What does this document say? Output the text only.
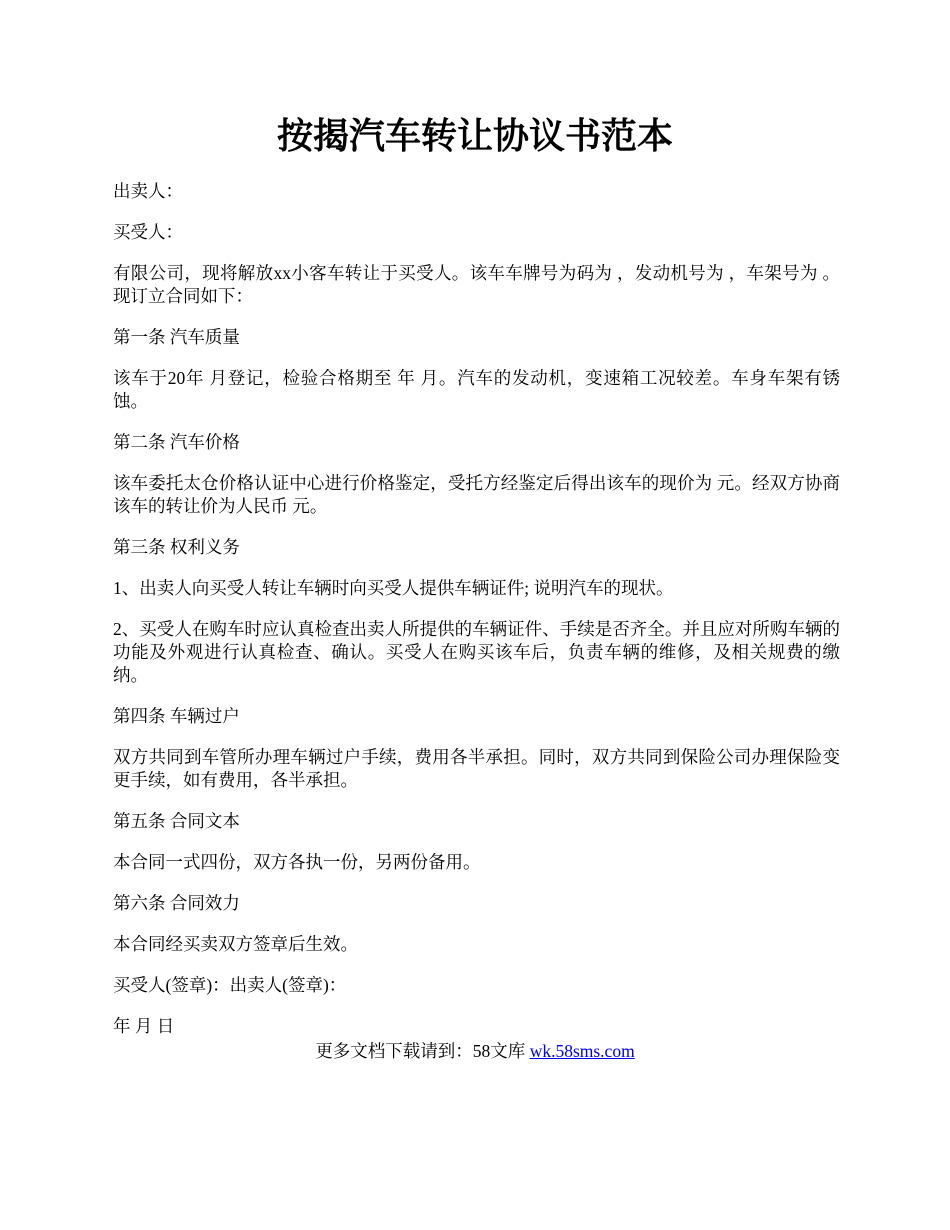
按揭汽车转让协议书范本

出卖人：

买受人：

有限公司，现将解放xx小客车转让于买受人。该车车牌号为码为 ，发动机号为 ，车架号为 。现订立合同如下：

第一条 汽车质量

该车于20年 月登记，检验合格期至 年 月。汽车的发动机，变速箱工况较差。车身车架有锈蚀。

第二条 汽车价格

该车委托太仓价格认证中心进行价格鉴定，受托方经鉴定后得出该车的现价为 元。经双方协商该车的转让价为人民币 元。

第三条 权利义务

1、出卖人向买受人转让车辆时向买受人提供车辆证件; 说明汽车的现状。

2、买受人在购车时应认真检查出卖人所提供的车辆证件、手续是否齐全。并且应对所购车辆的功能及外观进行认真检查、确认。买受人在购买该车后，负责车辆的维修，及相关规费的缴纳。

第四条 车辆过户

双方共同到车管所办理车辆过户手续，费用各半承担。同时，双方共同到保险公司办理保险变更手续，如有费用，各半承担。

第五条 合同文本

本合同一式四份，双方各执一份，另两份备用。

第六条 合同效力

本合同经买卖双方签章后生效。

买受人(签章)：出卖人(签章)：

年 月 日

更多文档下载请到：58文库 wk.58sms.com
